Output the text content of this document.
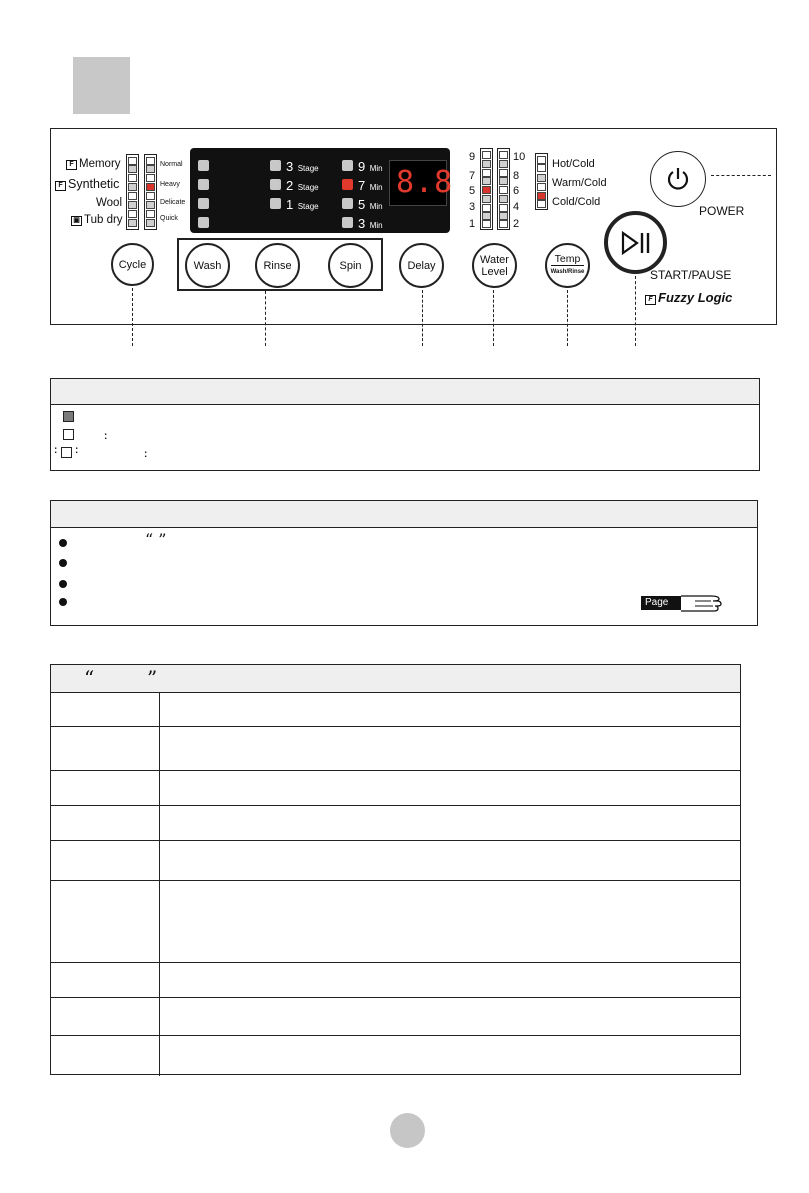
F Memory
F Synthetic
Wool
▣ Tub dry
Normal
Heavy
Delicate
Quick
3 Stage
2 Stage
1 Stage
9 Min
7 Min
5 Min
3 Min
8.8
9
7
5
3
1
10
8
6
4
2
Hot/Cold
Warm/Cold
Cold/Cold
POWER
START/PAUSE
F Fuzzy Logic
Cycle	Wash	Rinse	Spin	Delay	Water Level
Temp
Wash/Rinse
:
: :	:
“ ”
Page
“	”
